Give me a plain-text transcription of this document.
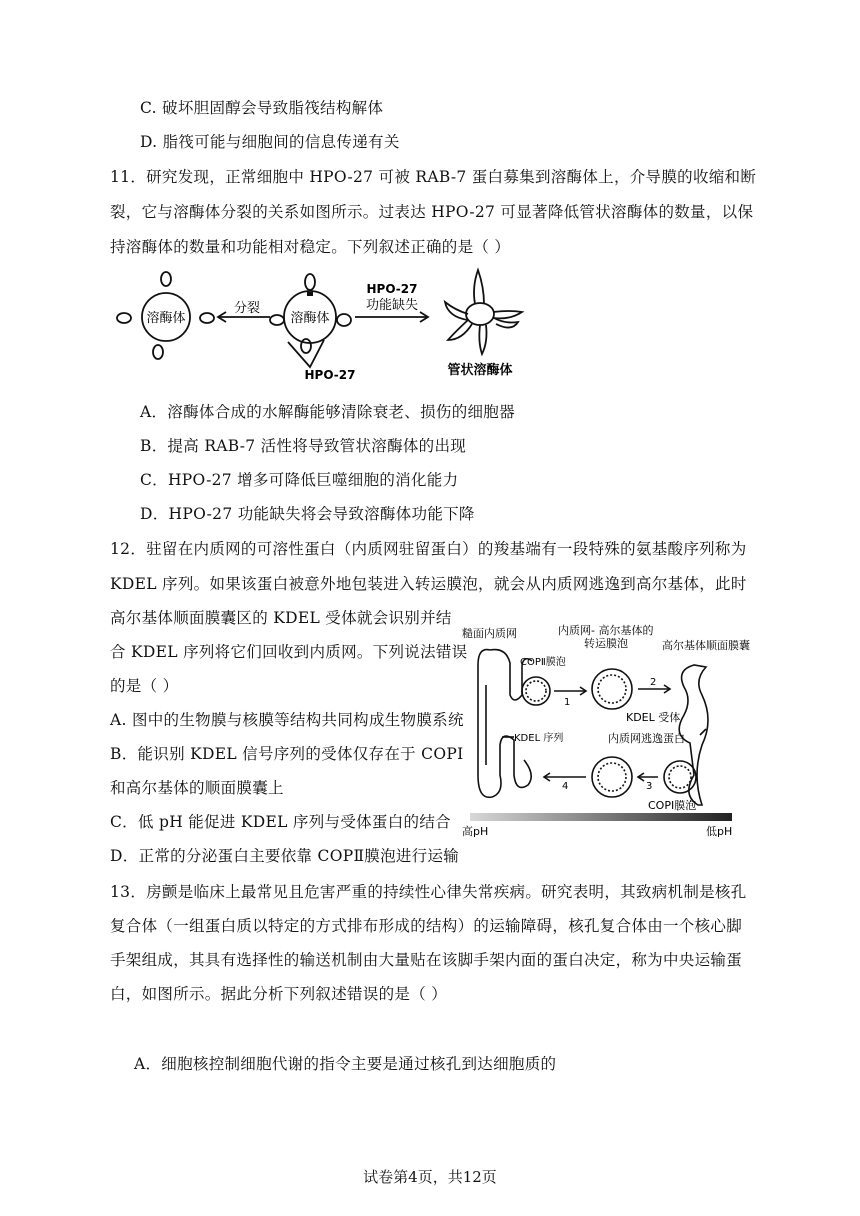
C. 破坏胆固醇会导致脂筏结构解体
D. 脂筏可能与细胞间的信息传递有关
11．研究发现，正常细胞中 HPO-27 可被 RAB-7 蛋白募集到溶酶体上，介导膜的收缩和断
裂，它与溶酶体分裂的关系如图所示。过表达 HPO-27 可显著降低管状溶酶体的数量，以保
持溶酶体的数量和功能相对稳定。下列叙述正确的是（ ）
溶酶体
分裂
溶酶体
HPO-27
功能缺失
HPO-27	管状溶酶体
A．溶酶体合成的水解酶能够清除衰老、损伤的细胞器
B．提高 RAB-7 活性将导致管状溶酶体的出现
C．HPO-27 增多可降低巨噬细胞的消化能力
D．HPO-27 功能缺失将会导致溶酶体功能下降
12．驻留在内质网的可溶性蛋白（内质网驻留蛋白）的羧基端有一段特殊的氨基酸序列称为
KDEL 序列。如果该蛋白被意外地包装进入转运膜泡，就会从内质网逃逸到高尔基体，此时
高尔基体顺面膜囊区的 KDEL 受体就会识别并结
合 KDEL 序列将它们回收到内质网。下列说法错误
的是（ ）
A. 图中的生物膜与核膜等结构共同构成生物膜系统
B．能识别 KDEL 信号序列的受体仅存在于 COPI
和高尔基体的顺面膜囊上
C．低 pH 能促进 KDEL 序列与受体蛋白的结合
D．正常的分泌蛋白主要依靠 COPⅡ膜泡进行运输
糙面内质网	内质网- 高尔基体的
转运膜泡	高尔基体顺面膜囊
COPⅡ膜泡
KDEL 受体
内质网逃逸蛋白
KDEL 序列
COPⅠ膜泡
高pH	低pH
1
2
3
4
13．房颤是临床上最常见且危害严重的持续性心律失常疾病。研究表明，其致病机制是核孔
复合体（一组蛋白质以特定的方式排布形成的结构）的运输障碍，核孔复合体由一个核心脚
手架组成，其具有选择性的输送机制由大量贴在该脚手架内面的蛋白决定，称为中央运输蛋
白，如图所示。据此分析下列叙述错误的是（ ）
A．细胞核控制细胞代谢的指令主要是通过核孔到达细胞质的
试卷第4页，共12页
